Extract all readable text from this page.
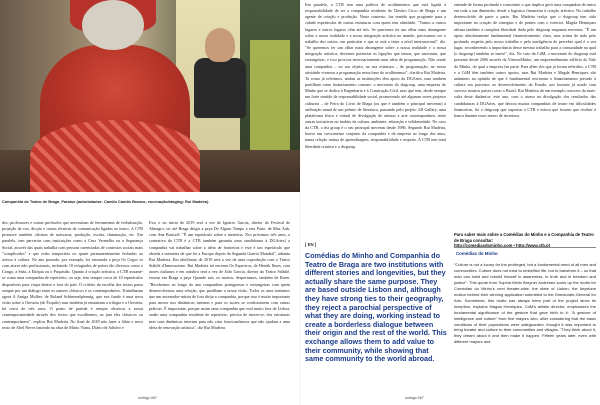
Companhia de Teatro de Braga_Paraíso (autoria/autor: Camilo Camilo Branco, encenação/staging: Rui Madeira)

dos, professores e outras profissões que necessitam de ferramentas de verbalização, projeção de voz, dicção e outras técnicas de comunicação ligadas ao teatro. A CTB promove também oficinas de máscaras, produção, escrita, iluminação, etc. Em paralelo, tem parcerias com instituições como a Cruz Vermelha ou a Segurança Social, através das quais trabalha com pessoas carenciadas de contextos sociais mais "complicados" e que estão temporária ou quase permanentemente fechadas ao acesso à cultura. No ano passado, por exemplo, foi encenada a peça Os Cegos só com atores não profissionais, incluindo 10 refugiados de países tão diversos como o Congo, a Síria, a Etiópia ou o Paquistão. Quanto à criação artística, a CTB assume-se como uma companhia de repertório, ou seja, tem sempre cerca de 10 espetáculos disponíveis para viajar dentro e fora do país. O critério da escolha dos textos passa sempre por um diálogo entre os autores clássicos e os contemporâneos. Trabalharam agora A Antiga Mulher, de Roland Schimmelpfennig, que nos fundo é uma nova visão sobre a Oresteia (de Ésquilo) mas também já ensaiaram a trilogia e a Oresteia, há cerca de três anos. O ponto de partida é sempre observar a nossa contemporaneidade através dos textos que escolhemos, ao jam eles clássicos ou contemporâneos", explica Rui Madeira. No final de 2018 não fazer a fábia o novo texto de Abel Neves baseado na obra de Mário Viana, Diário de Aditivo e

Eva, e no início de 2019 será a vez de Ignácio García, diretor do Festival de Almagro, vir até Braga dirigir a peça De Algum Tempo a esta Parte, de Max Aub, com Ana Bustorff. "É um espetáculo sobre a memória. Nos próximos três anos, a contrativa da CTB é a CTB também garantiu uma candidatura à DGArtes] a companhia vai trabalhar sobre a ideia de fronteiras e este é um espetáculo que aborda a memória de que foi a Europa depois da Segunda Guerra Mundial", adianta Rui Madeira. Em abril/maio de 2019 será a vez de uma coprodução com o Teatro Stábilé d'Innovazione. Rui Madeira irá encenar Os Espectros, de Henrik Ibsen, com atores italianos e em outubro será a vez de João Garcia, diretor do Teatro Stábilé, estrear em Braga a peça Quando nós, os mortos, despertamos, também de Ibsen. "Recebemos ao longo do ano companhias portuguesas e estrangeiras com quem desenvolvemos uma relação, que partilham a nossa visão. Todos os anos tentamos que um encenador-artista de fora dirija a companhia, porque isso é muito importante para mexer nos dinâmicas internas e para os atores se confrontarem com outras práticas. É importante, porque assim uma companhia que está muito fora de Lisboa, senão uma companhia residente de repertório, precisa de mexer-se, dos estruturas mas suas dinâmicas internas para não criar funcionalismos que não ajudam a uma ideia de renovação artística", diz Rui Madeira.

Em paralelo, a CTB tem uma política de acolhimentos que está ligada à responsabilidade de ser a companhia residente do Theatro Circo de Braga e um agente de criação e produção. Neste contexto, faz sentido que programe para a cidade espetáculos de outras estruturas com quem tem afinidade. "Vamos a outros lugares e outros lugares vêm até nós. Se queremos ter um olhar mais abrangente sobre a nossa realidade e a nossa integração artística no mundo, precisamos ver o trabalho dos outros, em particular o que se está a fazer a nível internacional", diz. "Se queremos ter um olhar mais abrangente sobre a nossa realidade e a nossa integração artística, devemos potenciar as ligações que temos, que nacionais, que estrangeiras, e isso provoca necessariamente uma ideia de programação. Não sendo uma companhia – no seu objeto, na sua estrutura – de programação, no nossa atividade vivemos a programação nesta base do acolhimento", clarifica Rui Madeira. Ta como já referimos, ambas as instituições têm apoio da DGArtes, mas também partilham outro financiamento comum: o mecenato do dstgroup, uma empresa do Minho que se dedica à Engenharia e à Construção Civil, mas que tem, desde sempre um forte sentido de responsabilidade social, promovendo até algumas vezes projetos culturais – de Feira do Livro de Braga (ou que é também o principal mecenas) à atribuição anual de um prémio de literatura, passando pelo projeto 24I Gallery, uma plataforma física e virtual de divulgação de artistas e arte contemporânea, entre outras iniciativas no âmbito da cultura, ambiente, educação e solidariedade. No caso da CTB, o dst group é o seu principal mecenas desde 1986. Segundo Rui Madeira, houve um crescimento conjunto da companhia e da empresa ao longo dos anos, numa relação mútua de aprendizagem, responsabilidade e respeito. A CTB tem total liberdade criativa e o dstgroup

entende de forma profunda e consciente o que implica gerir uma companhia de teatro em toda a sua dimensão, desde a logística financeira à criação artística. No trabalho desenvolvido de parte a parte, Rui Madeira realça que o dstgroup tem sido importante na criação de sinergias e de pontes com o exterior. Magda Henriques afirma também a completa liberdade dada pelo dstgroup enquanto mecenas. "É um apoio absolutamente fundamental financeiramente, claro, mas acima de tudo pelo profundo respeito pelo nosso trabalho e pela inteligência de perceber qual é o seu lugar, reconhecendo a importância desse mesmo trabalho para a comunidade na qual [o dstgroup] também se insere", diz. No caso da CdM, o mecenato do dstgroup está presente desde 2006 através da ViemosMinho, um empreendimento edilício do Vale do Minho, do qual a empresa faz parte. Para além dos que já foram referidos, a CTB e a CdM têm também outros apoios, mas Rui Madeira e Magda Henriques são unânimes na opinião de que é fundamental reorientar o financiamento privado à cultura em parceiros ao desenvolvimento do Estado, um formato já usado com sucesso noutros países como o Brasil. Rui Madeira dá um exemplo concreto da mais-valia deste dinâmica: este ano, com o atraso na divulgação dos resultados das candidaturas à DGArtes, que deixou muitas companhias de teatro em dificuldades financeiras, foi o dstgroup que suportou a CTB e evitou que fossem que receber à banca durante esses meses de incerteza.

[ EN ]
Comédias do Minho and Companhia do Teatro de Braga are two institutions with different stories and longevities, but they actually share the same purpose. They are based outside Lisbon and, although they have strong ties to their geography, they reject a parochial perspective of what they are doing, working instead to create a borderless dialogue between their origin and the rest of the world. This exchange allows them to add value to their community, while showing that same community to the world abroad.
Para saber mais sobre a Comédias do Minho e a Companhia de Teatro de Braga consultar:
http://comediasdominho.com • http://www.ctb.pt
Comédias do Minho

"Culture is not a luxury for the privileged, but a fundamental need of all men and communities. Culture does not exist to embellish life, but to transform it – so that man can build and rebuild himself in awareness, in truth and in freedom and justice". This quote from Sophia Mello Breyner Andresen sums up the motto for Comédias do Minho's next theater-wise, the state of Lisbon, the keystone motion behind their winning application submitted to the Directorate-General for Arts. Sometimes, this motto has always been part of the project since its inception, explains Magda Henriques, CdM's artistic director, emphasizes the fundamental significance of the gesture that gave birth to it: "A gesture of intelligence and culture" from five mayors who, after considering that the basic conditions of their populations were safeguarded, thought it was important to bring theater and culture to their communities and villages. "They think about it, they dream about it and then make it happen. Fifteen years later, even with different mayors and

umbigo 067	umbigo 067
